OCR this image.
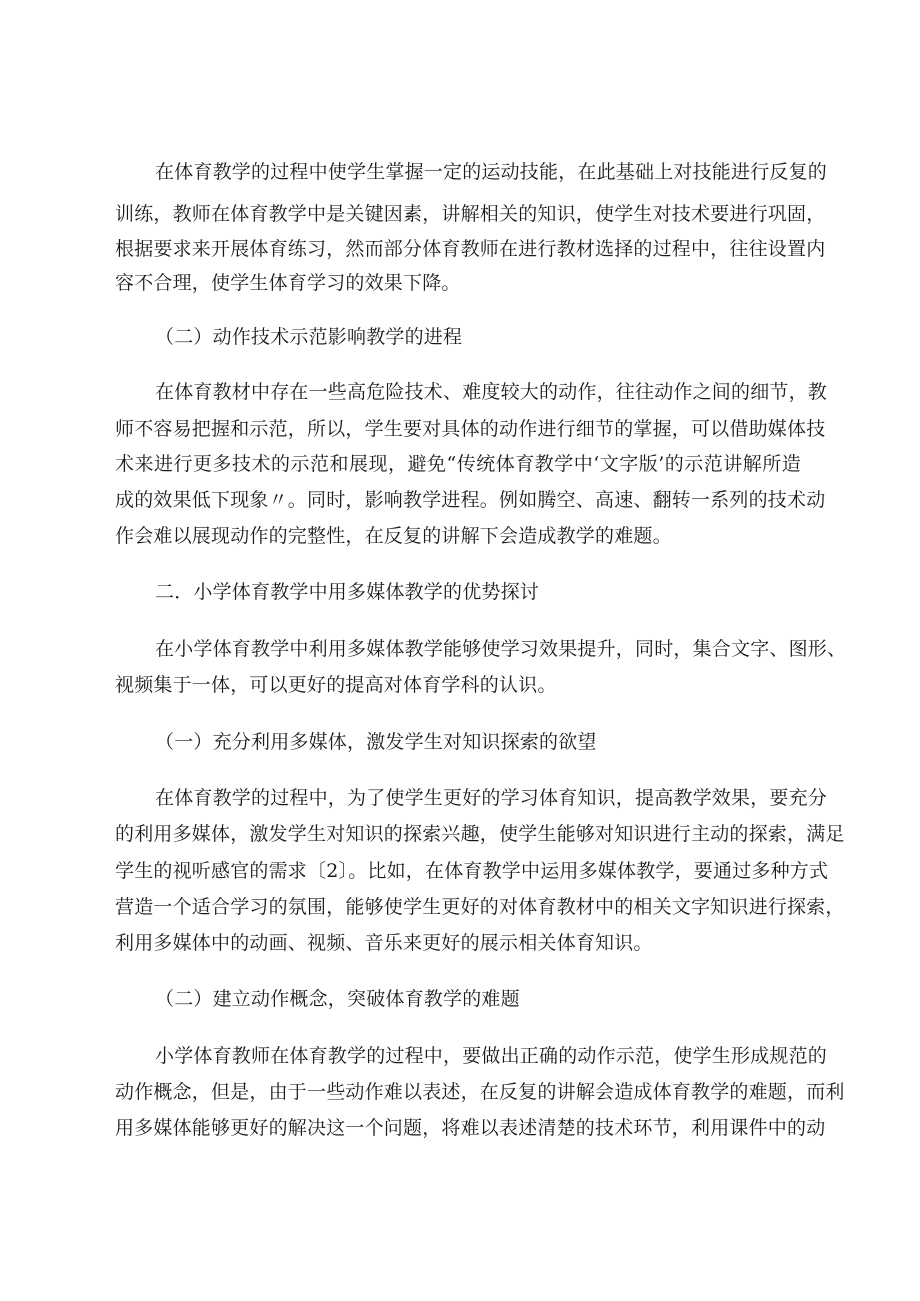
在体育教学的过程中使学生掌握一定的运动技能，在此基础上对技能进行反复的

训练，教师在体育教学中是关键因素，讲解相关的知识，使学生对技术要进行巩固，

根据要求来开展体育练习，然而部分体育教师在进行教材选择的过程中，往往设置内

容不合理，使学生体育学习的效果下降。

（二）动作技术示范影响教学的进程

在体育教材中存在一些高危险技术、难度较大的动作，往往动作之间的细节，教

师不容易把握和示范，所以，学生要对具体的动作进行细节的掌握，可以借助媒体技

术来进行更多技术的示范和展现，避免“传统体育教学中‘文字版’的示范讲解所造

成的效果低下现象〃。同时，影响教学进程。例如腾空、高速、翻转一系列的技术动

作会难以展现动作的完整性，在反复的讲解下会造成教学的难题。

二．小学体育教学中用多媒体教学的优势探讨

在小学体育教学中利用多媒体教学能够使学习效果提升，同时，集合文字、图形、

视频集于一体，可以更好的提高对体育学科的认识。

（一）充分利用多媒体，激发学生对知识探索的欲望

在体育教学的过程中，为了使学生更好的学习体育知识，提高教学效果，要充分

的利用多媒体，激发学生对知识的探索兴趣，使学生能够对知识进行主动的探索，满足

学生的视听感官的需求〔2〕。比如，在体育教学中运用多媒体教学，要通过多种方式

营造一个适合学习的氛围，能够使学生更好的对体育教材中的相关文字知识进行探索，

利用多媒体中的动画、视频、音乐来更好的展示相关体育知识。

（二）建立动作概念，突破体育教学的难题

小学体育教师在体育教学的过程中，要做出正确的动作示范，使学生形成规范的

动作概念，但是，由于一些动作难以表述，在反复的讲解会造成体育教学的难题，而利

用多媒体能够更好的解决这一个问题，将难以表述清楚的技术环节，利用课件中的动
